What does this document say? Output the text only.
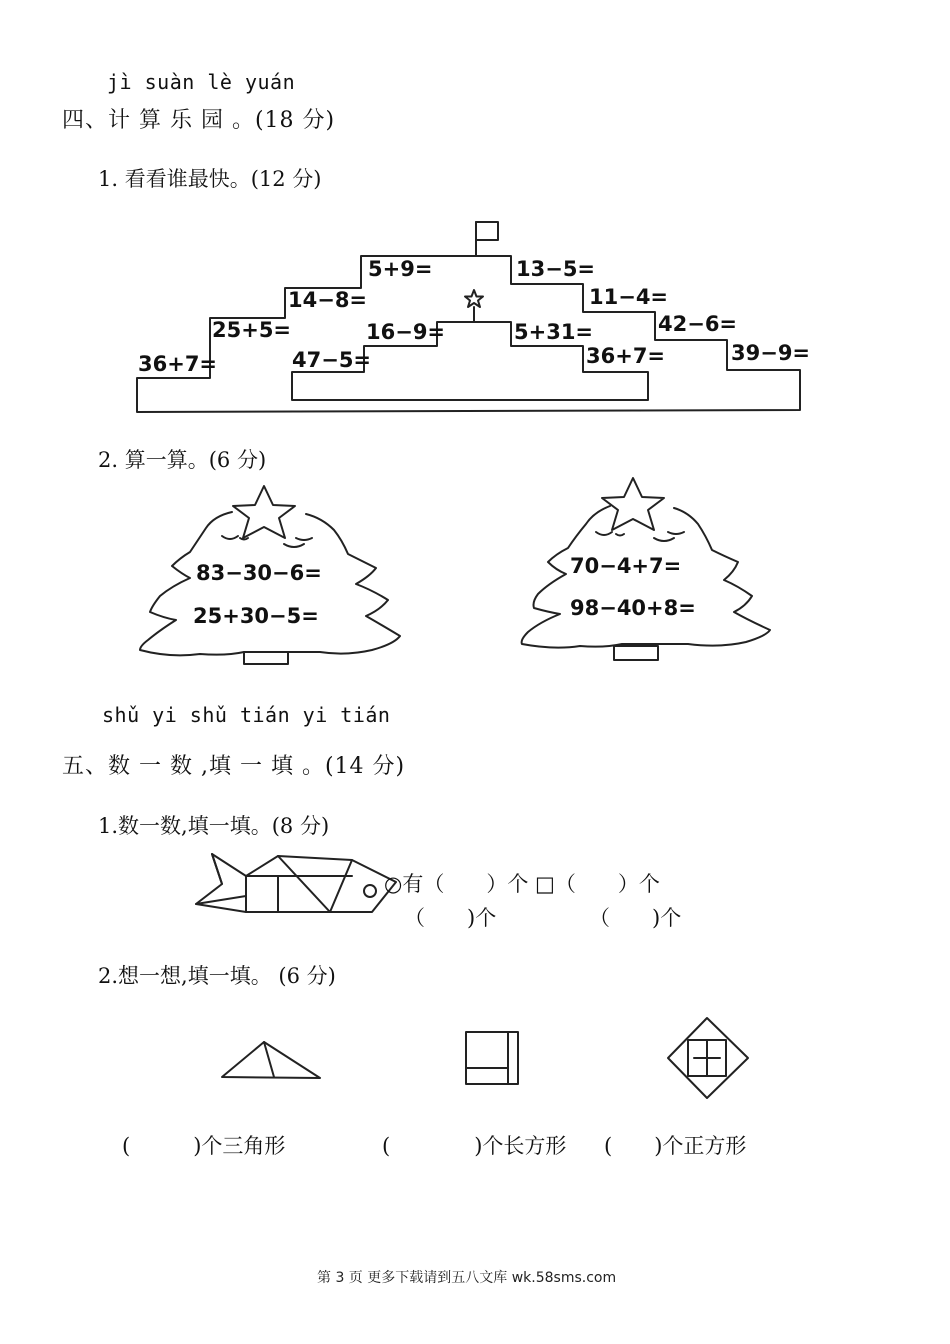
jì suàn lè yuán
四、计 算 乐 园 。(18 分)
1. 看看谁最快。(12 分)
5+9=	13−5=
14−8=	11−4=
25+5=	16−9=	5+31=	42−6=
36+7=	47−5=	36+7=	39−9=
2. 算一算。(6 分)
83−30−6=
25+30−5=
70−4+7=
98−40+8=
shǔ yi shǔ tián yi tián
五、数 一 数 ,填 一 填 。(14 分)
1.数一数,填一填。(8 分)
○有（　　）个 □（　　）个
（　　)个	（　　)个
2.想一想,填一填。 (6 分)
(　　　)个三角形	(　　　　)个长方形 (　　)个正方形
第 3 页 更多下载请到五八文库 wk.58sms.com
